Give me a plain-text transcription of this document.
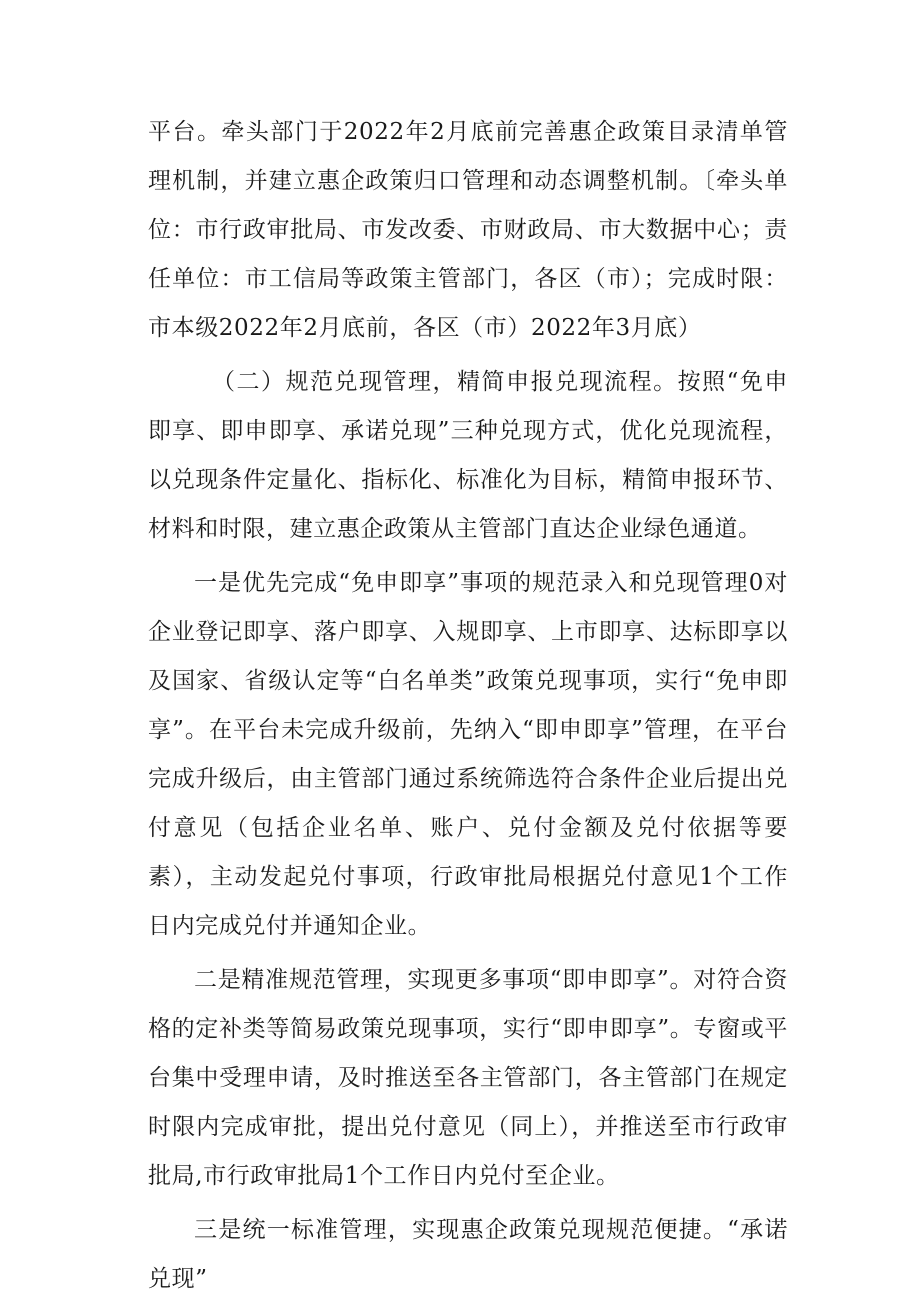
平台。牵头部门于2022年2月底前完善惠企政策目录清单管理机制，并建立惠企政策归口管理和动态调整机制。〔牵头单位：市行政审批局、市发改委、市财政局、市大数据中心；责任单位：市工信局等政策主管部门，各区（市）；完成时限：市本级2022年2月底前，各区（市）2022年3月底）

（二）规范兑现管理，精简申报兑现流程。按照“免申即享、即申即享、承诺兑现”三种兑现方式，优化兑现流程，以兑现条件定量化、指标化、标准化为目标，精简申报环节、材料和时限，建立惠企政策从主管部门直达企业绿色通道。

一是优先完成“免申即享”事项的规范录入和兑现管理0对企业登记即享、落户即享、入规即享、上市即享、达标即享以及国家、省级认定等“白名单类”政策兑现事项，实行“免申即享”。在平台未完成升级前，先纳入“即申即享”管理，在平台完成升级后，由主管部门通过系统筛选符合条件企业后提出兑付意见（包括企业名单、账户、兑付金额及兑付依据等要素），主动发起兑付事项，行政审批局根据兑付意见1个工作日内完成兑付并通知企业。

二是精准规范管理，实现更多事项“即申即享”。对符合资格的定补类等简易政策兑现事项，实行“即申即享”。专窗或平台集中受理申请，及时推送至各主管部门，各主管部门在规定时限内完成审批，提出兑付意见（同上），并推送至市行政审批局,市行政审批局1个工作日内兑付至企业。

三是统一标准管理，实现惠企政策兑现规范便捷。“承诺兑现”
